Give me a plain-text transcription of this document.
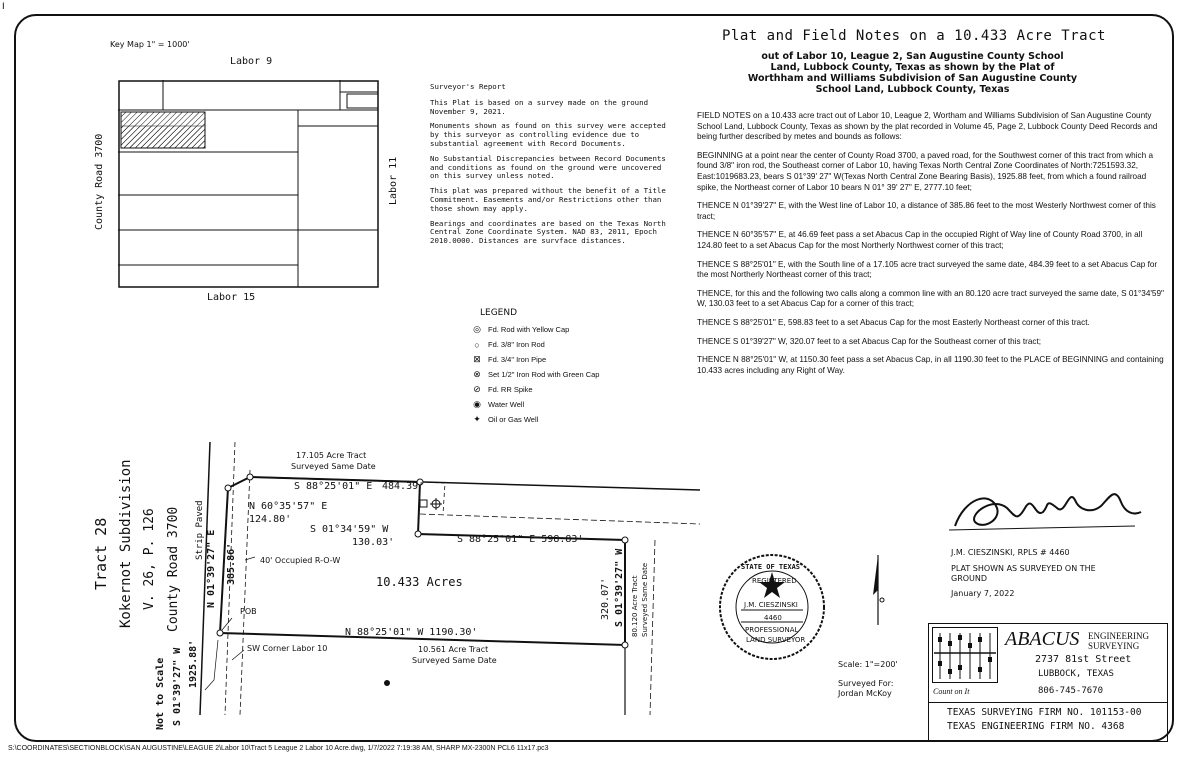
I
Key Map 1" = 1000'
Labor 9
County Road 3700	Labor 11
Labor 15

Surveyor's Report

This Plat is based on a survey made on the ground November 9, 2021.

Monuments shown as found on this survey were accepted by this surveyor as controlling evidence due to substantial agreement with Record Documents.

No Substantial Discrepancies between Record Documents and conditions as found on the ground were uncovered on this survey unless noted.

This plat was prepared without the benefit of a Title Commitment. Easements and/or Restrictions other than those shown may apply.

Bearings and coordinates are based on the Texas North Central Zone Coordinate System. NAD 83, 2011, Epoch 2010.0000. Distances are survface distances.

LEGEND
◎ Fd. Rod with Yellow Cap
○	Fd. 3/8" Iron Rod
⊠ Fd. 3/4" Iron Pipe
⊗ Set 1/2" Iron Rod with Green Cap
⊘ Fd. RR Spike
◉ Water Well
✦ Oil or Gas Well
Plat and Field Notes on a 10.433 Acre Tract
out of Labor 10, League 2, San Augustine County School
Land, Lubbock County, Texas as shown by the Plat of
Worthham and Williams Subdivision of San Augustine County
School Land, Lubbock County, Texas

FIELD NOTES on a 10.433 acre tract out of Labor 10, League 2, Wortham and Williams Subdivision of San Augustine County School Land, Lubbock County, Texas as shown by the plat recorded in Volume 45, Page 2, Lubbock County Deed Records and being further described by metes and bounds as follows:

BEGINNING at a point near the center of County Road 3700, a paved road, for the Southwest corner of this tract from which a found 3/8" iron rod, the Southeast corner of Labor 10, having Texas North Central Zone Coordinates of North:7251593.32, East:1019683.23, bears S 01°39' 27" W(Texas North Central Zone Bearing Basis), 1925.88 feet, from which a found railroad spike, the Northeast corner of Labor 10 bears N 01° 39' 27" E, 2777.10 feet;

THENCE N 01°39'27" E, with the West line of Labor 10, a distance of 385.86 feet to the most Westerly Northwest corner of this tract;

THENCE N 60°35'57" E, at 46.69 feet pass a set Abacus Cap in the occupied Right of Way line of County Road 3700, in all 124.80 feet to a set Abacus Cap for the most Northerly Northwest corner of this tract;

THENCE S 88°25'01" E, with the South line of a 17.105 acre tract surveyed the same date, 484.39 feet to a set Abacus Cap for the most Northerly Northeast corner of this tract;

THENCE, for this and the following two calls along a common line with an 80.120 acre tract surveyed the same date, S 01°34'59" W, 130.03 feet to a set Abacus Cap for a corner of this tract;

THENCE S 88°25'01" E, 598.83 feet to a set Abacus Cap for the most Easterly Northeast corner of this tract.

THENCE S 01°39'27" W, 320.07 feet to a set Abacus Cap for the Southeast corner of this tract;

THENCE N 88°25'01" W, at 1150.30 feet pass a set Abacus Cap, in all 1190.30 feet to the PLACE of BEGINNING and containing 10.433 acres including any Right of Way.

Tract 28 Kokernot Subdivision V. 26, P. 126 County Road 3700 Strip Paved
Not to Scale S 01°39'27" W 1925.88'
17.105 Acre Tract
Surveyed Same Date
S 88°25'01" E 484.39'
N 60°35'57" E
124.80'
S 01°34'59" W
130.03'	S 88°25'01" E 598.83'
N 01°39'27" E 385.86'	40' Occupied R-O-W
10.433 Acres
POB
N 88°25'01" W 1190.30'
SW Corner Labor 10	10.561 Acre Tract
Surveyed Same Date
320.07' S 01°39'27" W 80.120 Acre Tract Surveyed Same Date	STATE OF TEXAS
REGISTERED
J.M. CIESZINSKI
4460
PROFESSIONAL
LAND SURVEYOR
Scale: 1"=200'
Surveyed For:
Jordan McKoy
J.M. CIESZINSKI, RPLS # 4460
PLAT SHOWN AS SURVEYED ON THE
GROUND
January 7, 2022
Count on It
ABACUS ENGINEERING
SURVEYING
2737 81st Street
LUBBOCK, TEXAS
806-745-7670
TEXAS SURVEYING FIRM NO. 101153-00
TEXAS ENGINEERING FIRM NO. 4368
S:\COORDINATES\SECTIONBLOCK\SAN AUGUSTINE\LEAGUE 2\Labor 10\Tract 5 League 2 Labor 10 Acre.dwg, 1/7/2022 7:19:38 AM, SHARP MX-2300N PCL6 11x17.pc3
